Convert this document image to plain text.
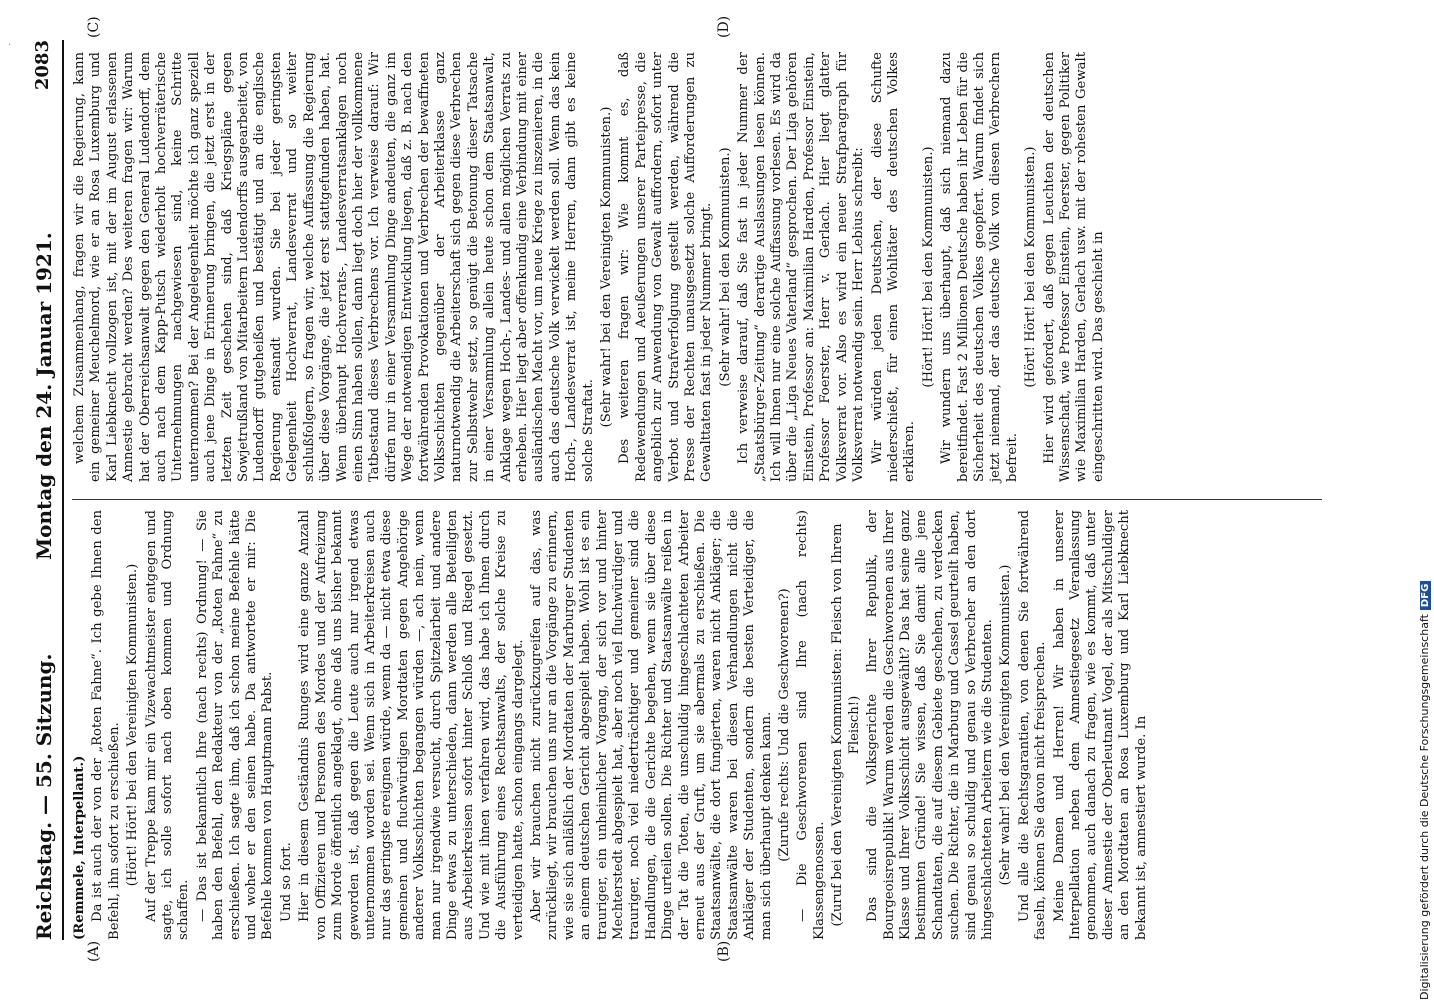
Reichstag. — 55. Sitzung.
Montag den 24. Januar 1921.
2083
(A)	(B)
(C)	(D)

(Remmele, Interpellant.) Da ist auch der von der „Roten Fahne“. Ich gebe Ihnen den Befehl, ihn sofort zu erschießen. (Hört! Hört! bei den Vereinigten Kommunisten.) Auf der Treppe kam mir ein Vizewachtmeister entgegen und sagte, ich solle sofort nach oben kommen und Ordnung schaffen. — Das ist bekanntlich Ihre (nach rechts) Ordnung! — Sie haben den Befehl, den Redakteur von der „Roten Fahne“ zu erschießen. Ich sagte ihm, daß ich schon meine Befehle hätte und woher er den seinen habe. Da antwortete er mir: Die Befehle kommen von Hauptmann Pabst. Und so fort. Hier in diesem Geständnis Runges wird eine ganze Anzahl von Offizieren und Personen des Mordes und der Aufreizung zum Morde öffentlich angeklagt, ohne daß uns bisher bekannt geworden ist, daß gegen die Leute auch nur irgend etwas unternommen worden sei. Wenn sich in Arbeiterkreisen auch nur das geringste ereignen würde, wenn da — nicht etwa diese gemeinen und fluchwürdigen Mordtaten gegen Angehörige anderer Volksschichten begangen würden —, ach nein, wenn man nur irgendwie versucht, durch Spitzelarbeit und andere Dinge etwas zu unterschieden, dann werden alle Beteiligten aus Arbeiterkreisen sofort hinter Schloß und Riegel gesetzt. Und wie mit ihnen verfahren wird, das habe ich Ihnen durch die Ausführung eines Rechtsanwalts, der solche Kreise zu verteidigen hatte, schon eingangs dargelegt. Aber wir brauchen nicht zurückzugreifen auf das, was zurückliegt, wir brauchen uns nur an die Vorgänge zu erinnern, wie sie sich anläßlich der Mordtaten der Marburger Studenten an einem deutschen Gericht abgespielt haben. Wohl ist es ein trauriger, ein unheimlicher Vorgang, der sich vor und hinter Mechterstedt abgespielt hat, aber noch viel fluchwürdiger und trauriger, noch viel niederträchtiger und gemeiner sind die Handlungen, die die Gerichte begehen, wenn sie über diese Dinge urteilen sollen. Die Richter und Staatsanwälte reißen in der Tat die Toten, die unschuldig hingeschlachteten Arbeiter erneut aus der Gruft, um sie abermals zu erschießen. Die Staatsanwälte, die dort fungierten, waren nicht Ankläger; die Staatsanwälte waren bei diesen Verhandlungen nicht die Ankläger der Studenten, sondern die besten Verteidiger, die man sich überhaupt denken kann. (Zurufe rechts: Und die Geschworenen?) — Die Geschworenen sind Ihre (nach rechts) Klassengenossen. (Zuruf bei den Vereinigten Kommunisten: Fleisch von Ihrem Fleisch!) Das sind die Volksgerichte Ihrer Republik, der Bourgeoisrepublik! Warum werden die Geschworenen aus Ihrer Klasse und Ihrer Volksschicht ausgewählt? Das hat seine ganz bestimmten Gründe! Sie wissen, daß Sie damit alle jene Schandtaten, die auf diesem Gebiete geschehen, zu verdecken suchen. Die Richter, die in Marburg und Cassel geurteilt haben, sind genau so schuldig und genau so Verbrecher an den dort hingeschlachteten Arbeitern wie die Studenten. (Sehr wahr! bei den Vereinigten Kommunisten.) Und alle die Rechtsgarantien, von denen Sie fortwährend faseln, können Sie davon nicht freisprechen. Meine Damen und Herren! Wir haben in unserer Interpellation neben dem Amnestiegesetz Veranlassung genommen, auch danach zu fragen, wie es kommt, daß unter dieser Amnestie der Oberleutnant Vogel, der als Mitschuldiger an den Mordtaten an Rosa Luxemburg und Karl Liebknecht bekannt ist, amnestiert wurde. In

welchem Zusammenhang, fragen wir die Regierung, kann ein gemeiner Meuchelmord, wie er an Rosa Luxemburg und Karl Liebknecht vollzogen ist, mit der im August erlassenen Amnestie gebracht werden? Des weiteren fragen wir: Warum hat der Oberreichsanwalt gegen den General Ludendorff, dem auch nach dem Kapp-Putsch wiederholt hochverräterische Unternehmungen nachgewiesen sind, keine Schritte unternommen? Bei der Angelegenheit möchte ich ganz speziell auch jene Dinge in Erinnerung bringen, die jetzt erst in der letzten Zeit geschehen sind, daß Kriegspläne gegen Sowjetrußland von Mitarbeitern Ludendorffs ausgearbeitet, von Ludendorff gutgeheißen und bestätigt und an die englische Regierung entsandt wurden. Sie bei jeder geringsten Gelegenheit Hochverrat, Landesverrat und so weiter schlußfolgern, so fragen wir, welche Auffassung die Regierung über diese Vorgänge, die jetzt erst stattgefunden haben, hat. Wenn überhaupt Hochverrats-, Landesverratsanklagen noch einen Sinn haben sollen, dann liegt doch hier der vollkommene Tatbestand dieses Verbrechens vor. Ich verweise darauf: Wir dürfen nur in einer Versammlung Dinge andeuten, die ganz im Wege der notwendigen Entwicklung liegen, daß z. B. nach den fortwährenden Provokationen und Verbrechen der bewaffneten Volksschichten gegenüber der Arbeiterklasse ganz naturnotwendig die Arbeiterschaft sich gegen diese Verbrechen zur Selbstwehr setzt, so genügt die Betonung dieser Tatsache in einer Versammlung allein heute schon dem Staatsanwalt, Anklage wegen Hoch-, Landes- und allen möglichen Verrats zu erheben. Hier liegt aber offenkundig eine Verbindung mit einer ausländischen Macht vor, um neue Kriege zu inszenieren, in die auch das deutsche Volk verwickelt werden soll. Wenn das kein Hoch-, Landesverrat ist, meine Herren, dann gibt es keine solche Straftat.

(Sehr wahr! bei den Vereinigten Kommunisten.) Des weiteren fragen wir: Wie kommt es, daß Redewendungen und Aeußerungen unserer Parteipresse, die angeblich zur Anwendung von Gewalt auffordern, sofort unter Verbot und Strafverfolgung gestellt werden, während die Presse der Rechten unausgesetzt solche Aufforderungen zu Gewalttaten fast in jeder Nummer bringt. (Sehr wahr! bei den Kommunisten.) Ich verweise darauf, daß Sie fast in jeder Nummer der „Staatsbürger-Zeitung“ derartige Auslassungen lesen können. Ich will Ihnen nur eine solche Auffassung vorlesen. Es wird da über die „Liga Neues Vaterland“ gesprochen. Der Liga gehören Einstein, Professor an: Maximilian Harden, Professor Einstein, Professor Foerster, Herr v. Gerlach. Hier liegt glatter Volksverrat vor. Also es wird ein neuer Strafparagraph für Volksverrat notwendig sein. Herr Lebius schreibt: Wir würden jeden Deutschen, der diese Schufte niederschießt, für einen Wohltäter des deutschen Volkes erklären.

(Hört! Hört! bei den Kommunisten.) Wir wundern uns überhaupt, daß sich niemand dazu bereitfindet. Fast 2 Millionen Deutsche haben ihr Leben für die Sicherheit des deutschen Volkes geopfert. Warum findet sich jetzt niemand, der das deutsche Volk von diesen Verbrechern befreit.

(Hört! Hört! bei den Kommunisten.) Hier wird gefordert, daß gegen Leuchten der deutschen Wissenschaft, wie Professor Einstein, Foerster, gegen Politiker wie Maximilian Harden, Gerlach usw. mit der rohesten Gewalt eingeschritten wird. Das geschieht in

Digitalisierung gefördert durch die Deutsche ForschungsgemeinschaftDFG
·
